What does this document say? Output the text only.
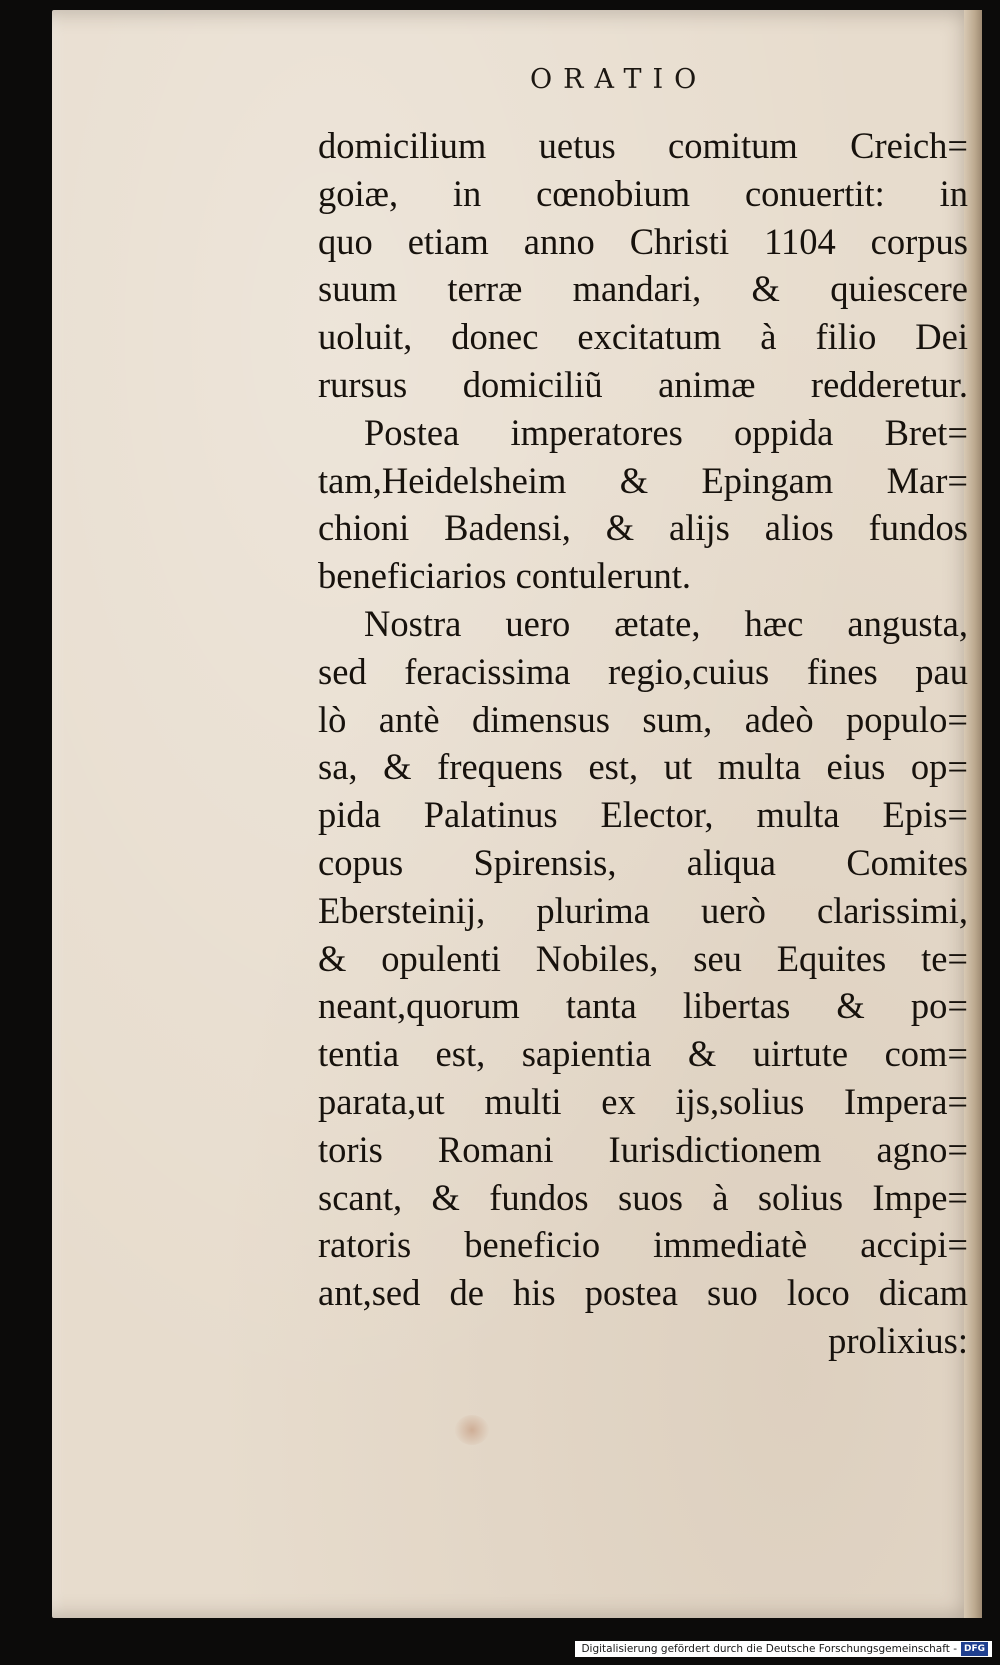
ORATIO
domicilium uetus comitum Creich=
goiæ, in cœnobium conuertit: in
quo etiam anno Christi 1104 corpus
suum terræ mandari, & quiescere
uoluit, donec excitatum à filio Dei
rursus domiciliũ animæ redderetur.
Postea imperatores oppida Bret=
tam,Heidelsheim & Epingam Mar=
chioni Badensi, & alijs alios fundos
beneficiarios contulerunt.
Nostra uero ætate, hæc angusta,
sed feracissima regio,cuius fines pau
lò antè dimensus sum, adeò populo=
sa, & frequens est, ut multa eius op=
pida Palatinus Elector, multa Epis=
copus Spirensis, aliqua Comites
Ebersteinij, plurima uerò clarissimi,
& opulenti Nobiles, seu Equites te=
neant,quorum tanta libertas & po=
tentia est, sapientia & uirtute com=
parata,ut multi ex ijs,solius Impera=
toris Romani Iurisdictionem agno=
scant, & fundos suos à solius Impe=
ratoris beneficio immediatè accipi=
ant,sed de his postea suo loco dicam
prolixius:
Digitalisierung gefördert durch die Deutsche Forschungsgemeinschaft - DFG
